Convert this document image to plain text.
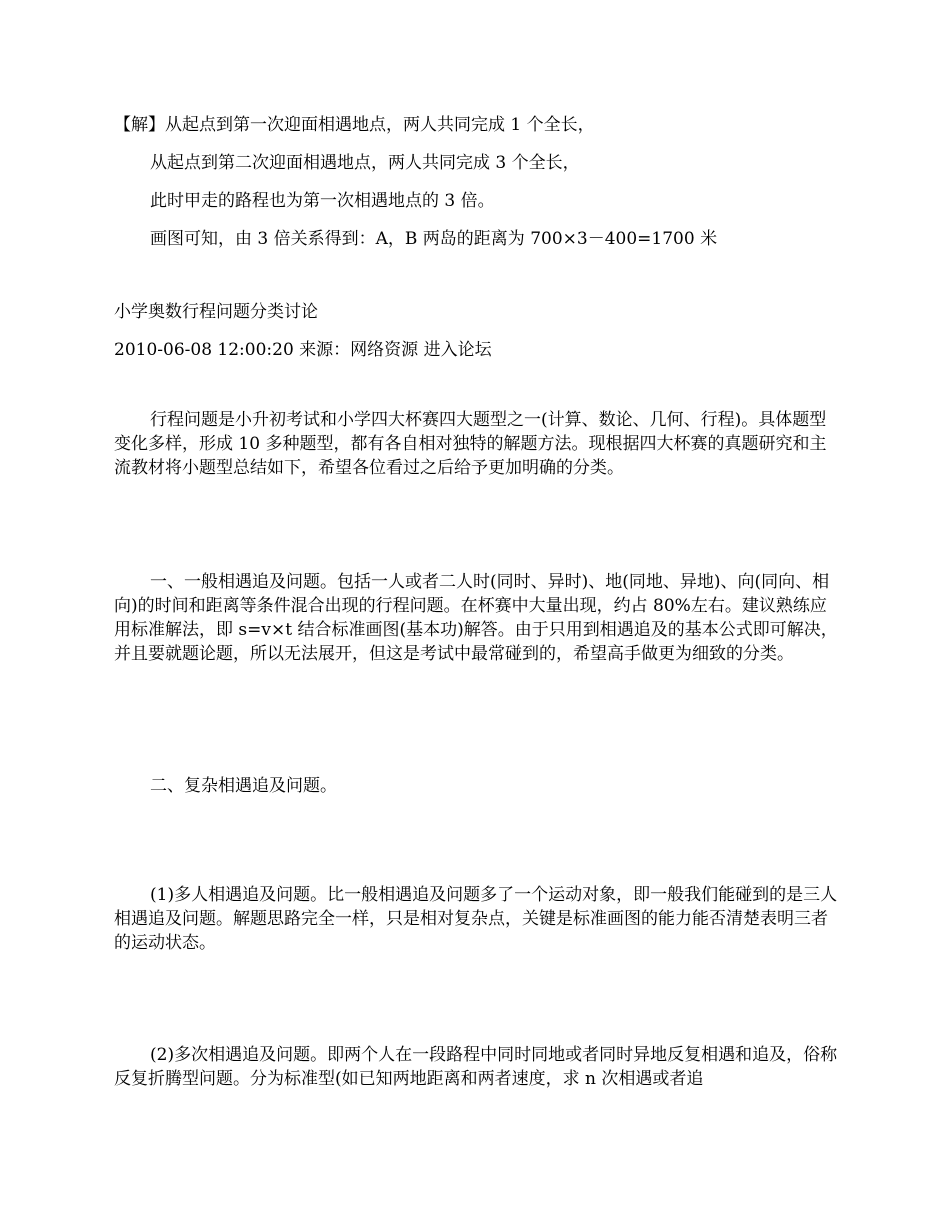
【解】从起点到第一次迎面相遇地点，两人共同完成 1 个全长，
从起点到第二次迎面相遇地点，两人共同完成 3 个全长，
此时甲走的路程也为第一次相遇地点的 3 倍。
画图可知，由 3 倍关系得到：A，B 两岛的距离为 700×3－400=1700 米
小学奥数行程问题分类讨论
2010-06-08 12:00:20 来源：网络资源 进入论坛
行程问题是小升初考试和小学四大杯赛四大题型之一(计算、数论、几何、行程)。具体题型变化多样，形成 10 多种题型，都有各自相对独特的解题方法。现根据四大杯赛的真题研究和主流教材将小题型总结如下，希望各位看过之后给予更加明确的分类。
一、一般相遇追及问题。包括一人或者二人时(同时、异时)、地(同地、异地)、向(同向、相向)的时间和距离等条件混合出现的行程问题。在杯赛中大量出现，约占 80%左右。建议熟练应用标准解法，即 s=v×t 结合标准画图(基本功)解答。由于只用到相遇追及的基本公式即可解决，并且要就题论题，所以无法展开，但这是考试中最常碰到的，希望高手做更为细致的分类。
二、复杂相遇追及问题。
(1)多人相遇追及问题。比一般相遇追及问题多了一个运动对象，即一般我们能碰到的是三人相遇追及问题。解题思路完全一样，只是相对复杂点，关键是标准画图的能力能否清楚表明三者的运动状态。
(2)多次相遇追及问题。即两个人在一段路程中同时同地或者同时异地反复相遇和追及，俗称反复折腾型问题。分为标准型(如已知两地距离和两者速度，求 n 次相遇或者追
